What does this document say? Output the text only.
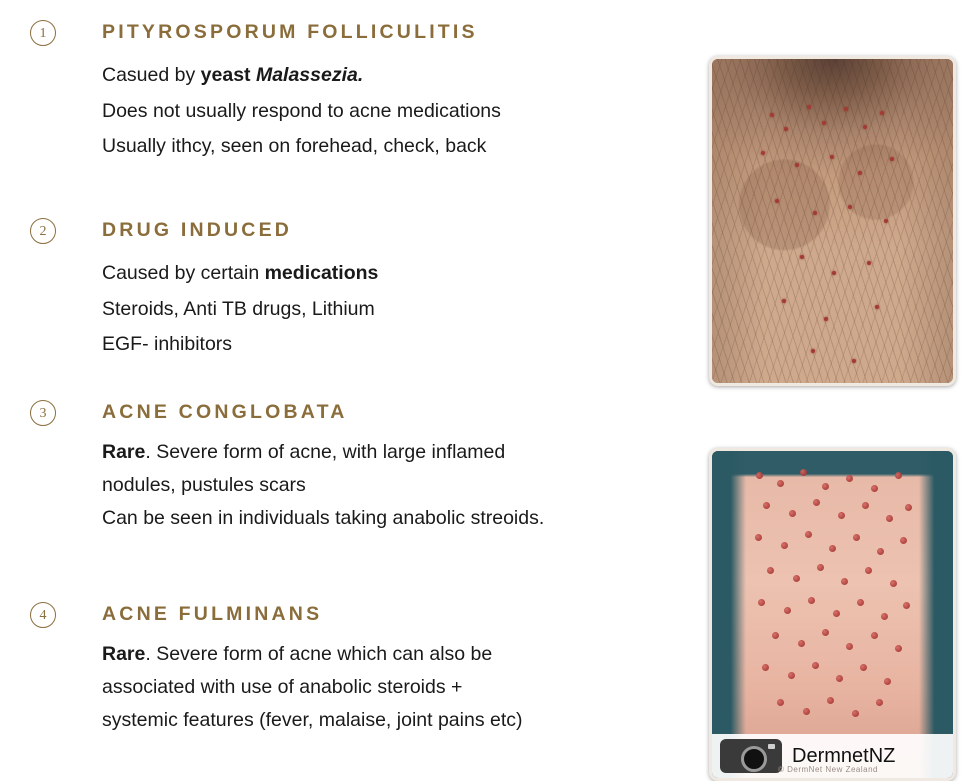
1	PITYROSPORUM FOLLICULITIS
Casued by yeast Malassezia.
Does not usually respond to acne medications
Usually ithcy, seen on forehead, check, back
2	DRUG INDUCED
Caused by certain medications
Steroids, Anti TB drugs, Lithium
EGF- inhibitors
3	ACNE CONGLOBATA
Rare. Severe form of acne, with large inflamed
nodules, pustules scars
Can be seen in individuals taking anabolic streoids.
4	ACNE FULMINANS
Rare. Severe form of acne which can also be
associated with use of anabolic steroids +
systemic features (fever, malaise, joint pains etc)
DermnetNZ
© DermNet New Zealand
